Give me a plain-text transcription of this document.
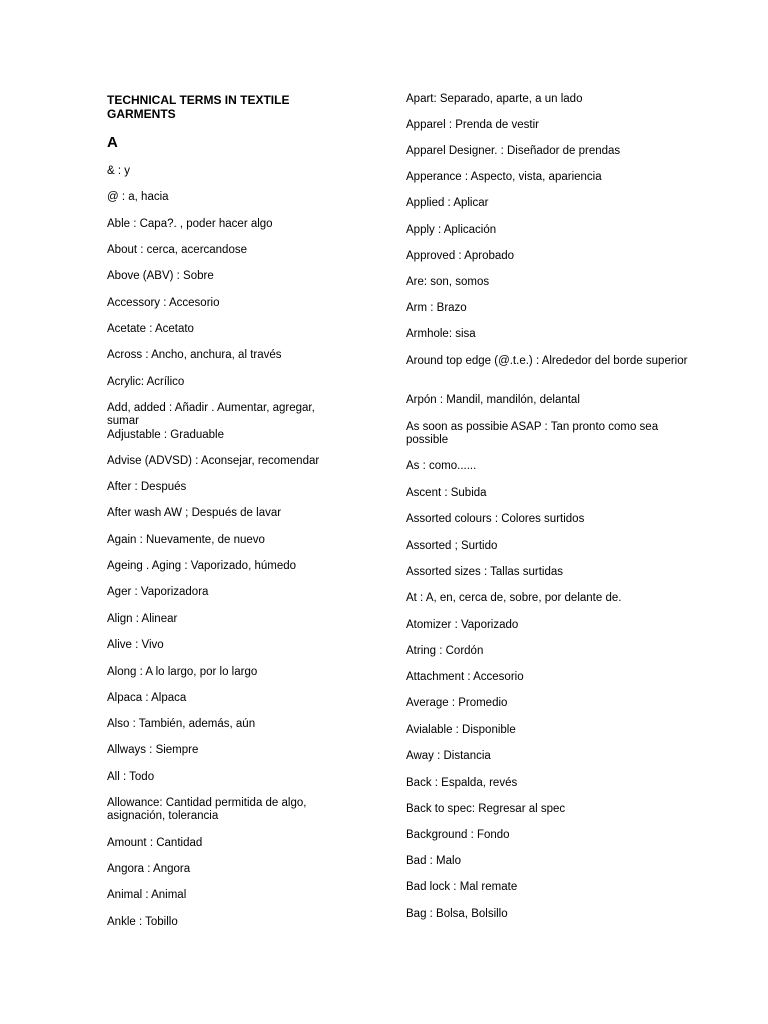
TECHNICAL TERMS IN TEXTILE GARMENTS
A
& : y
@ : a, hacia
Able : Capa?. , poder hacer algo
About : cerca, acercandose
Above (ABV) : Sobre
Accessory : Accesorio
Acetate : Acetato
Across : Ancho, anchura, al través
Acrylic: Acrílico
Add, added : Añadir . Aumentar, agregar, sumar
Adjustable : Graduable
Advise (ADVSD) : Aconsejar, recomendar
After : Después
After wash AW ; Después de lavar
Again : Nuevamente, de nuevo
Ageing . Aging : Vaporizado, húmedo
Ager : Vaporizadora
Align : Alinear
Alive : Vivo
Along : A lo largo, por lo largo
Alpaca : Alpaca
Also : También, además, aún
Allways : Siempre
All : Todo
Allowance: Cantidad permitida de algo, asignación, tolerancia
Amount : Cantidad
Angora : Angora
Animal : Animal
Ankle : Tobillo
Apart: Separado, aparte, a un lado
Apparel : Prenda de vestir
Apparel Designer. : Diseñador de prendas
Apperance : Aspecto, vista, apariencia
Applied : Aplicar
Apply : Aplicación
Approved : Aprobado
Are: son, somos
Arm : Brazo
Armhole: sisa
Around top edge (@.t.e.) : Alrededor del borde superior
Arpón : Mandil, mandilón, delantal
As soon as possibie ASAP : Tan pronto como sea possible
As : como......
Ascent : Subida
Assorted colours : Colores surtidos
Assorted ; Surtido
Assorted sizes : Tallas surtidas
At : A, en, cerca de, sobre, por delante de.
Atomizer : Vaporizado
Atring : Cordón
Attachment : Accesorio
Average : Promedio
Avialable : Disponible
Away : Distancia
Back : Espalda, revés
Back to spec: Regresar al spec
Background : Fondo
Bad : Malo
Bad lock : Mal remate
Bag : Bolsa, Bolsillo
